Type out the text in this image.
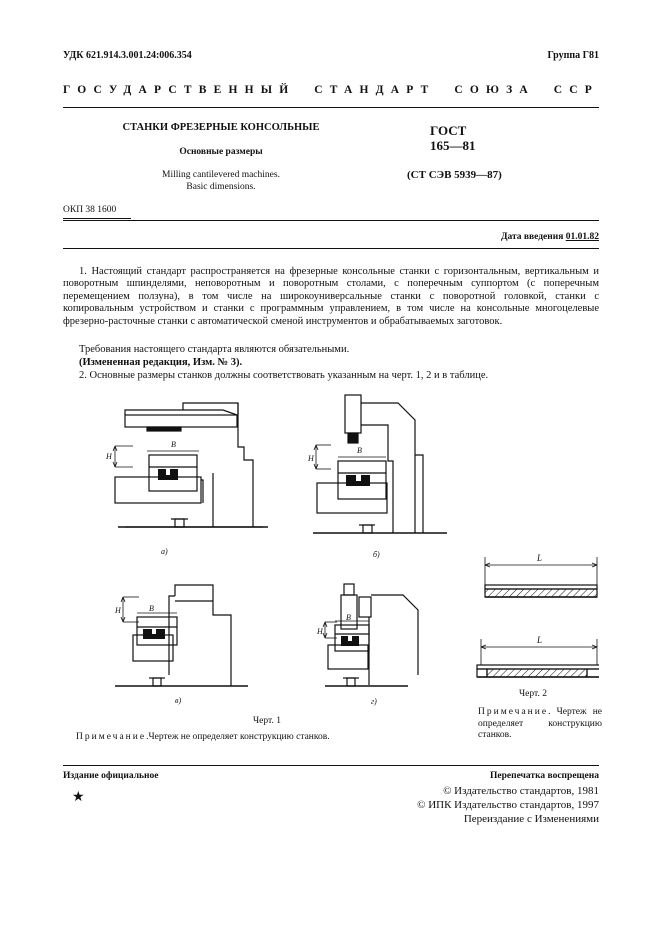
УДК 621.914.3.001.24:006.354	Группа Г81
ГОСУДАРСТВЕННЫЙ СТАНДАРТ СОЮЗА ССР
СТАНКИ ФРЕЗЕРНЫЕ КОНСОЛЬНЫЕ
Основные размеры
Milling cantilevered machines.
Basic dimensions.
ГОСТ
165—81
(СТ СЭВ 5939—87)
ОКП 38 1600
Дата введения 01.01.82
1. Настоящий стандарт распространяется на фрезерные консольные станки с горизонтальным, вертикальным и поворотным шпинделями, неповоротным и поворотным столами, с поперечным суппортом (с поперечным перемещением ползуна), в том числе на широкоуниверсальные станки с поворотной головкой, станки с копировальным устройством и станки с программным управлением, в том числе на консольные многоцелевые фрезерно-расточные станки с автоматической сменой инструментов и обрабатываемых заготовок.
Требования настоящего стандарта являются обязательными.
(Измененная редакция, Изм. № 3).
2. Основные размеры станков должны соответствовать указанным на черт. 1, 2 и в таблице.
H
B
а)
H
B
б)
H	B
в)
H
B
г)
L
L
Черт. 1
Примечание.Чертеж не определяет конструкцию станков.
Черт. 2
Примечание. Чертеж не определяет конструкцию станков.
Издание официальное
★
Перепечатка воспрещена
© Издательство стандартов, 1981
© ИПК Издательство стандартов, 1997
Переиздание с Изменениями
